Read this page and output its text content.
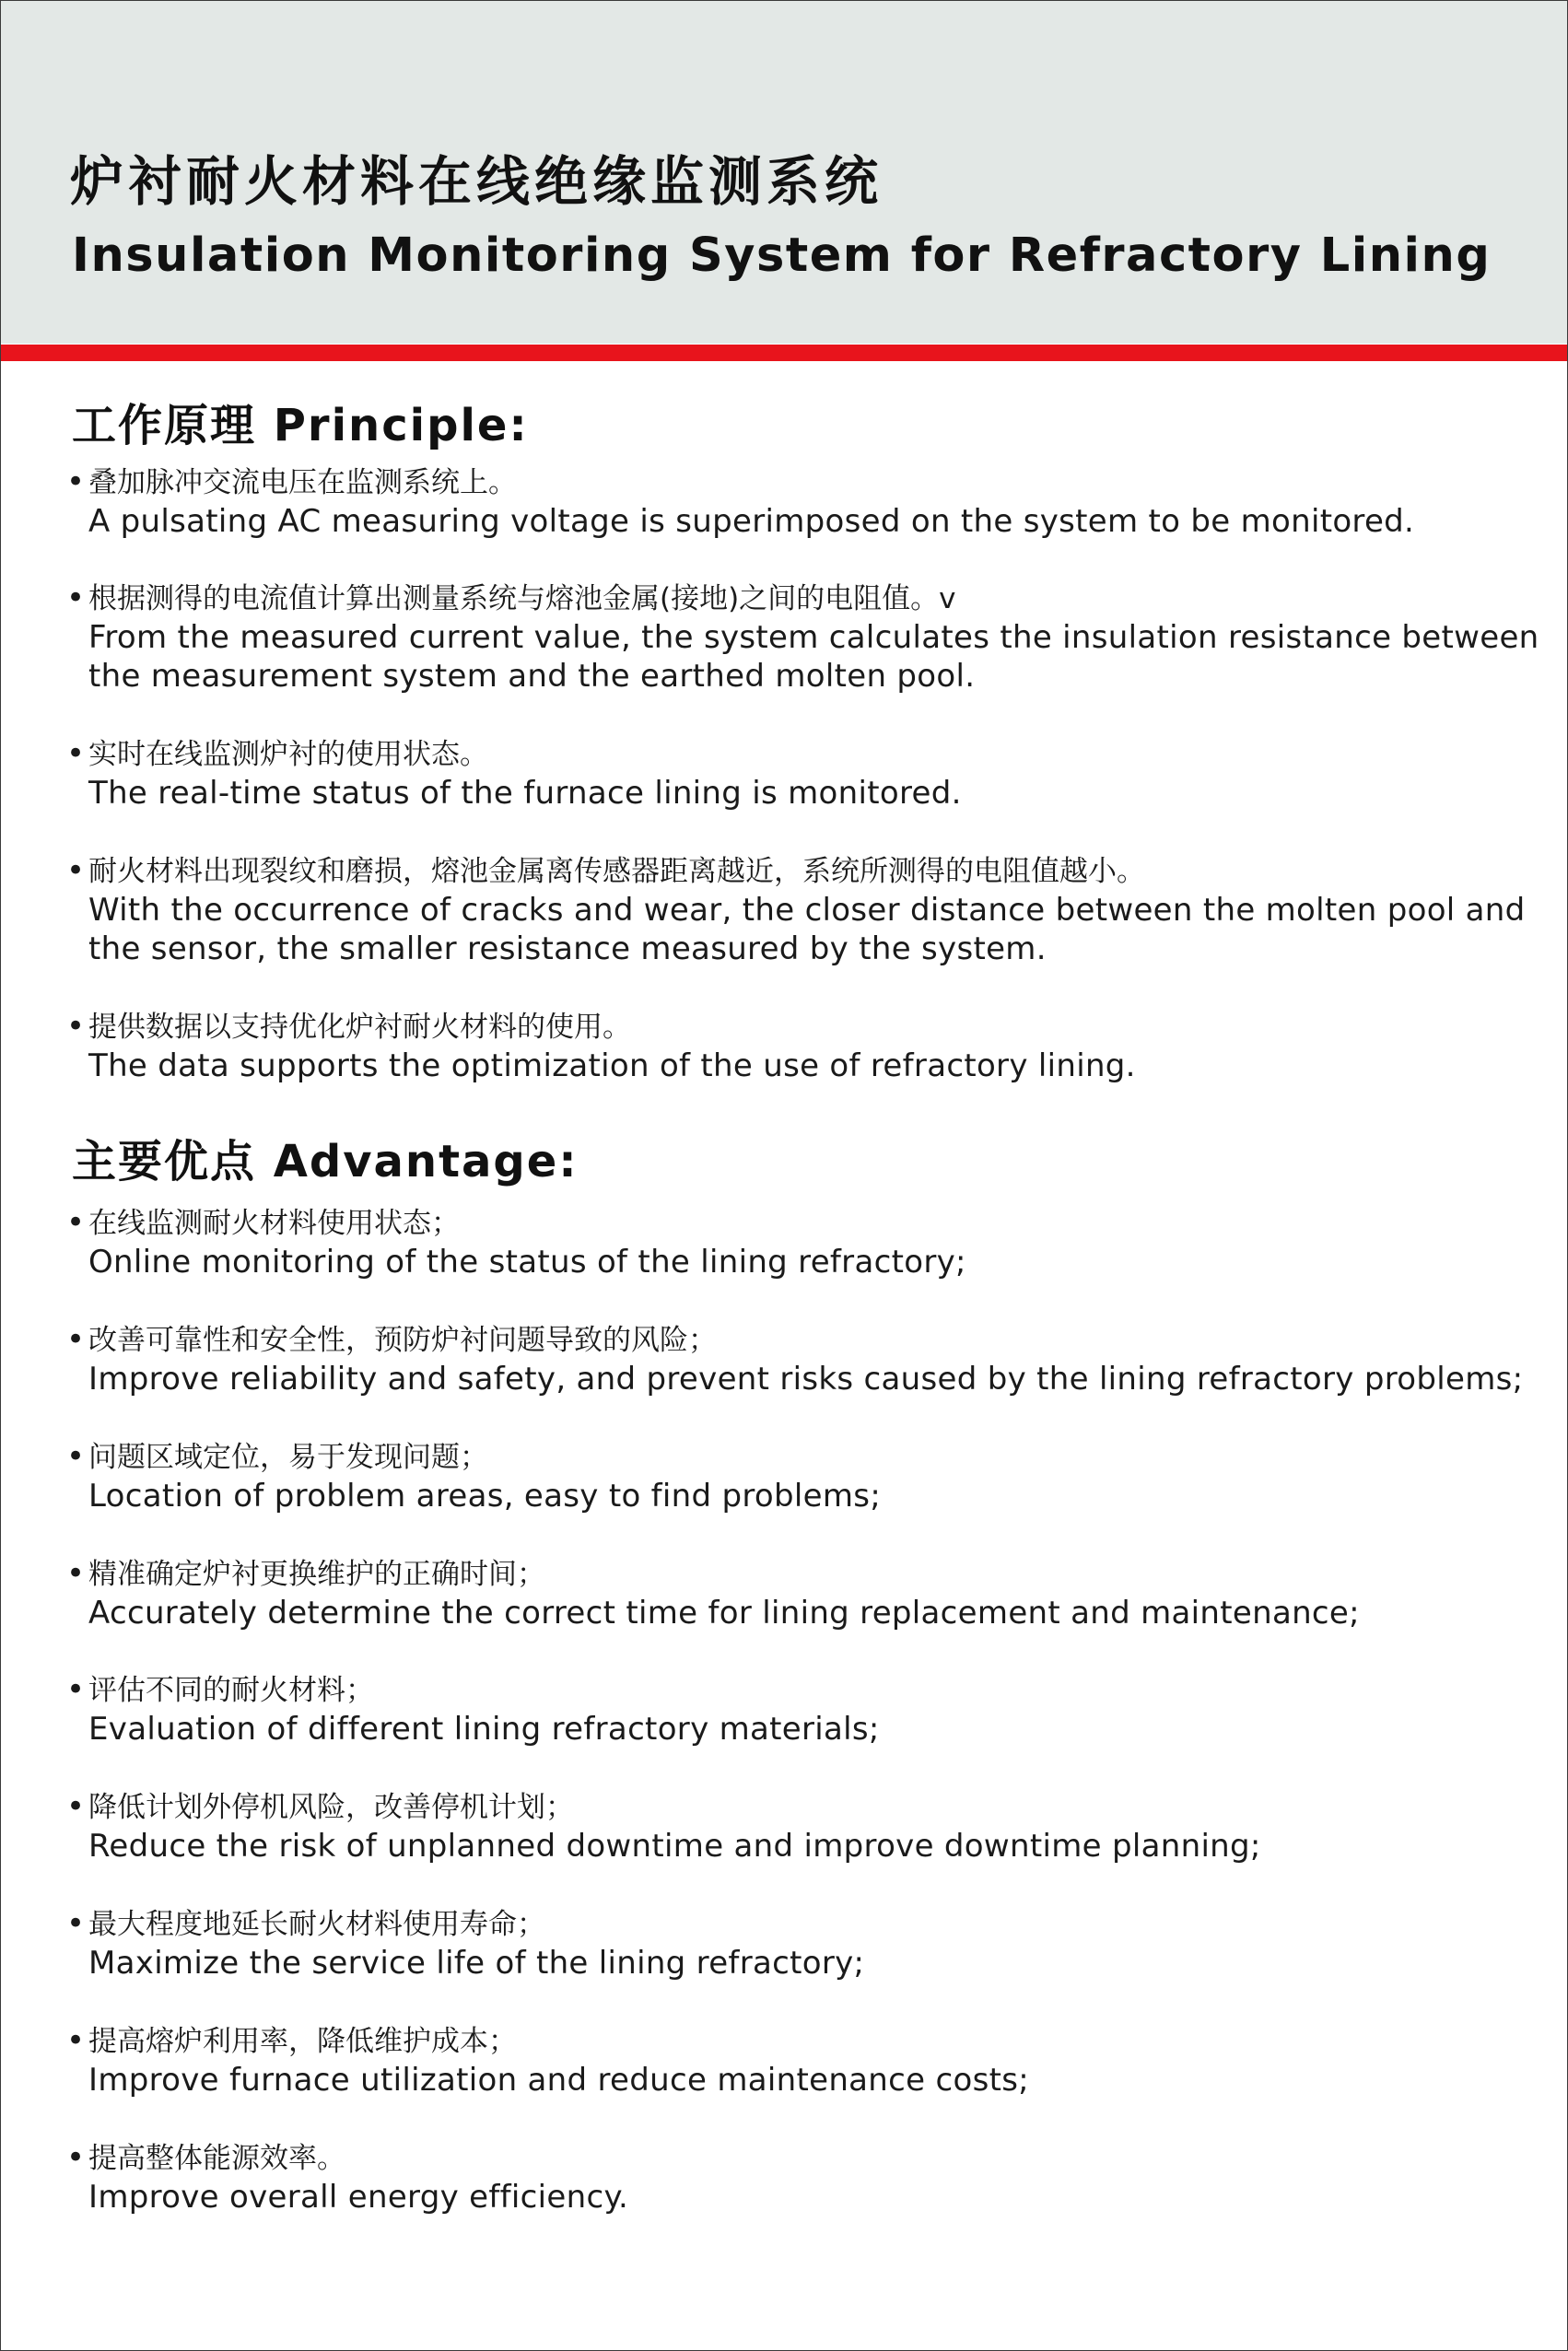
炉衬耐火材料在线绝缘监测系统
Insulation Monitoring System for Refractory Lining
工作原理 Principle:
• 叠加脉冲交流电压在监测系统上。
A pulsating AC measuring voltage is superimposed on the system to be monitored.
• 根据测得的电流值计算出测量系统与熔池金属(接地)之间的电阻值。v
From the measured current value, the system calculates the insulation resistance between
the measurement system and the earthed molten pool.
• 实时在线监测炉衬的使用状态。
The real-time status of the furnace lining is monitored.
• 耐火材料出现裂纹和磨损，熔池金属离传感器距离越近，系统所测得的电阻值越小。
With the occurrence of cracks and wear, the closer distance between the molten pool and
the sensor, the smaller resistance measured by the system.
• 提供数据以支持优化炉衬耐火材料的使用。
The data supports the optimization of the use of refractory lining.
主要优点 Advantage:
• 在线监测耐火材料使用状态；
Online monitoring of the status of the lining refractory;
• 改善可靠性和安全性，预防炉衬问题导致的风险；
Improve reliability and safety, and prevent risks caused by the lining refractory problems;
• 问题区域定位，易于发现问题；
Location of problem areas, easy to find problems;
• 精准确定炉衬更换维护的正确时间；
Accurately determine the correct time for lining replacement and maintenance;
• 评估不同的耐火材料；
Evaluation of different lining refractory materials;
• 降低计划外停机风险，改善停机计划；
Reduce the risk of unplanned downtime and improve downtime planning;
• 最大程度地延长耐火材料使用寿命；
Maximize the service life of the lining refractory;
• 提高熔炉利用率，降低维护成本；
Improve furnace utilization and reduce maintenance costs;
• 提高整体能源效率。
Improve overall energy efficiency.
